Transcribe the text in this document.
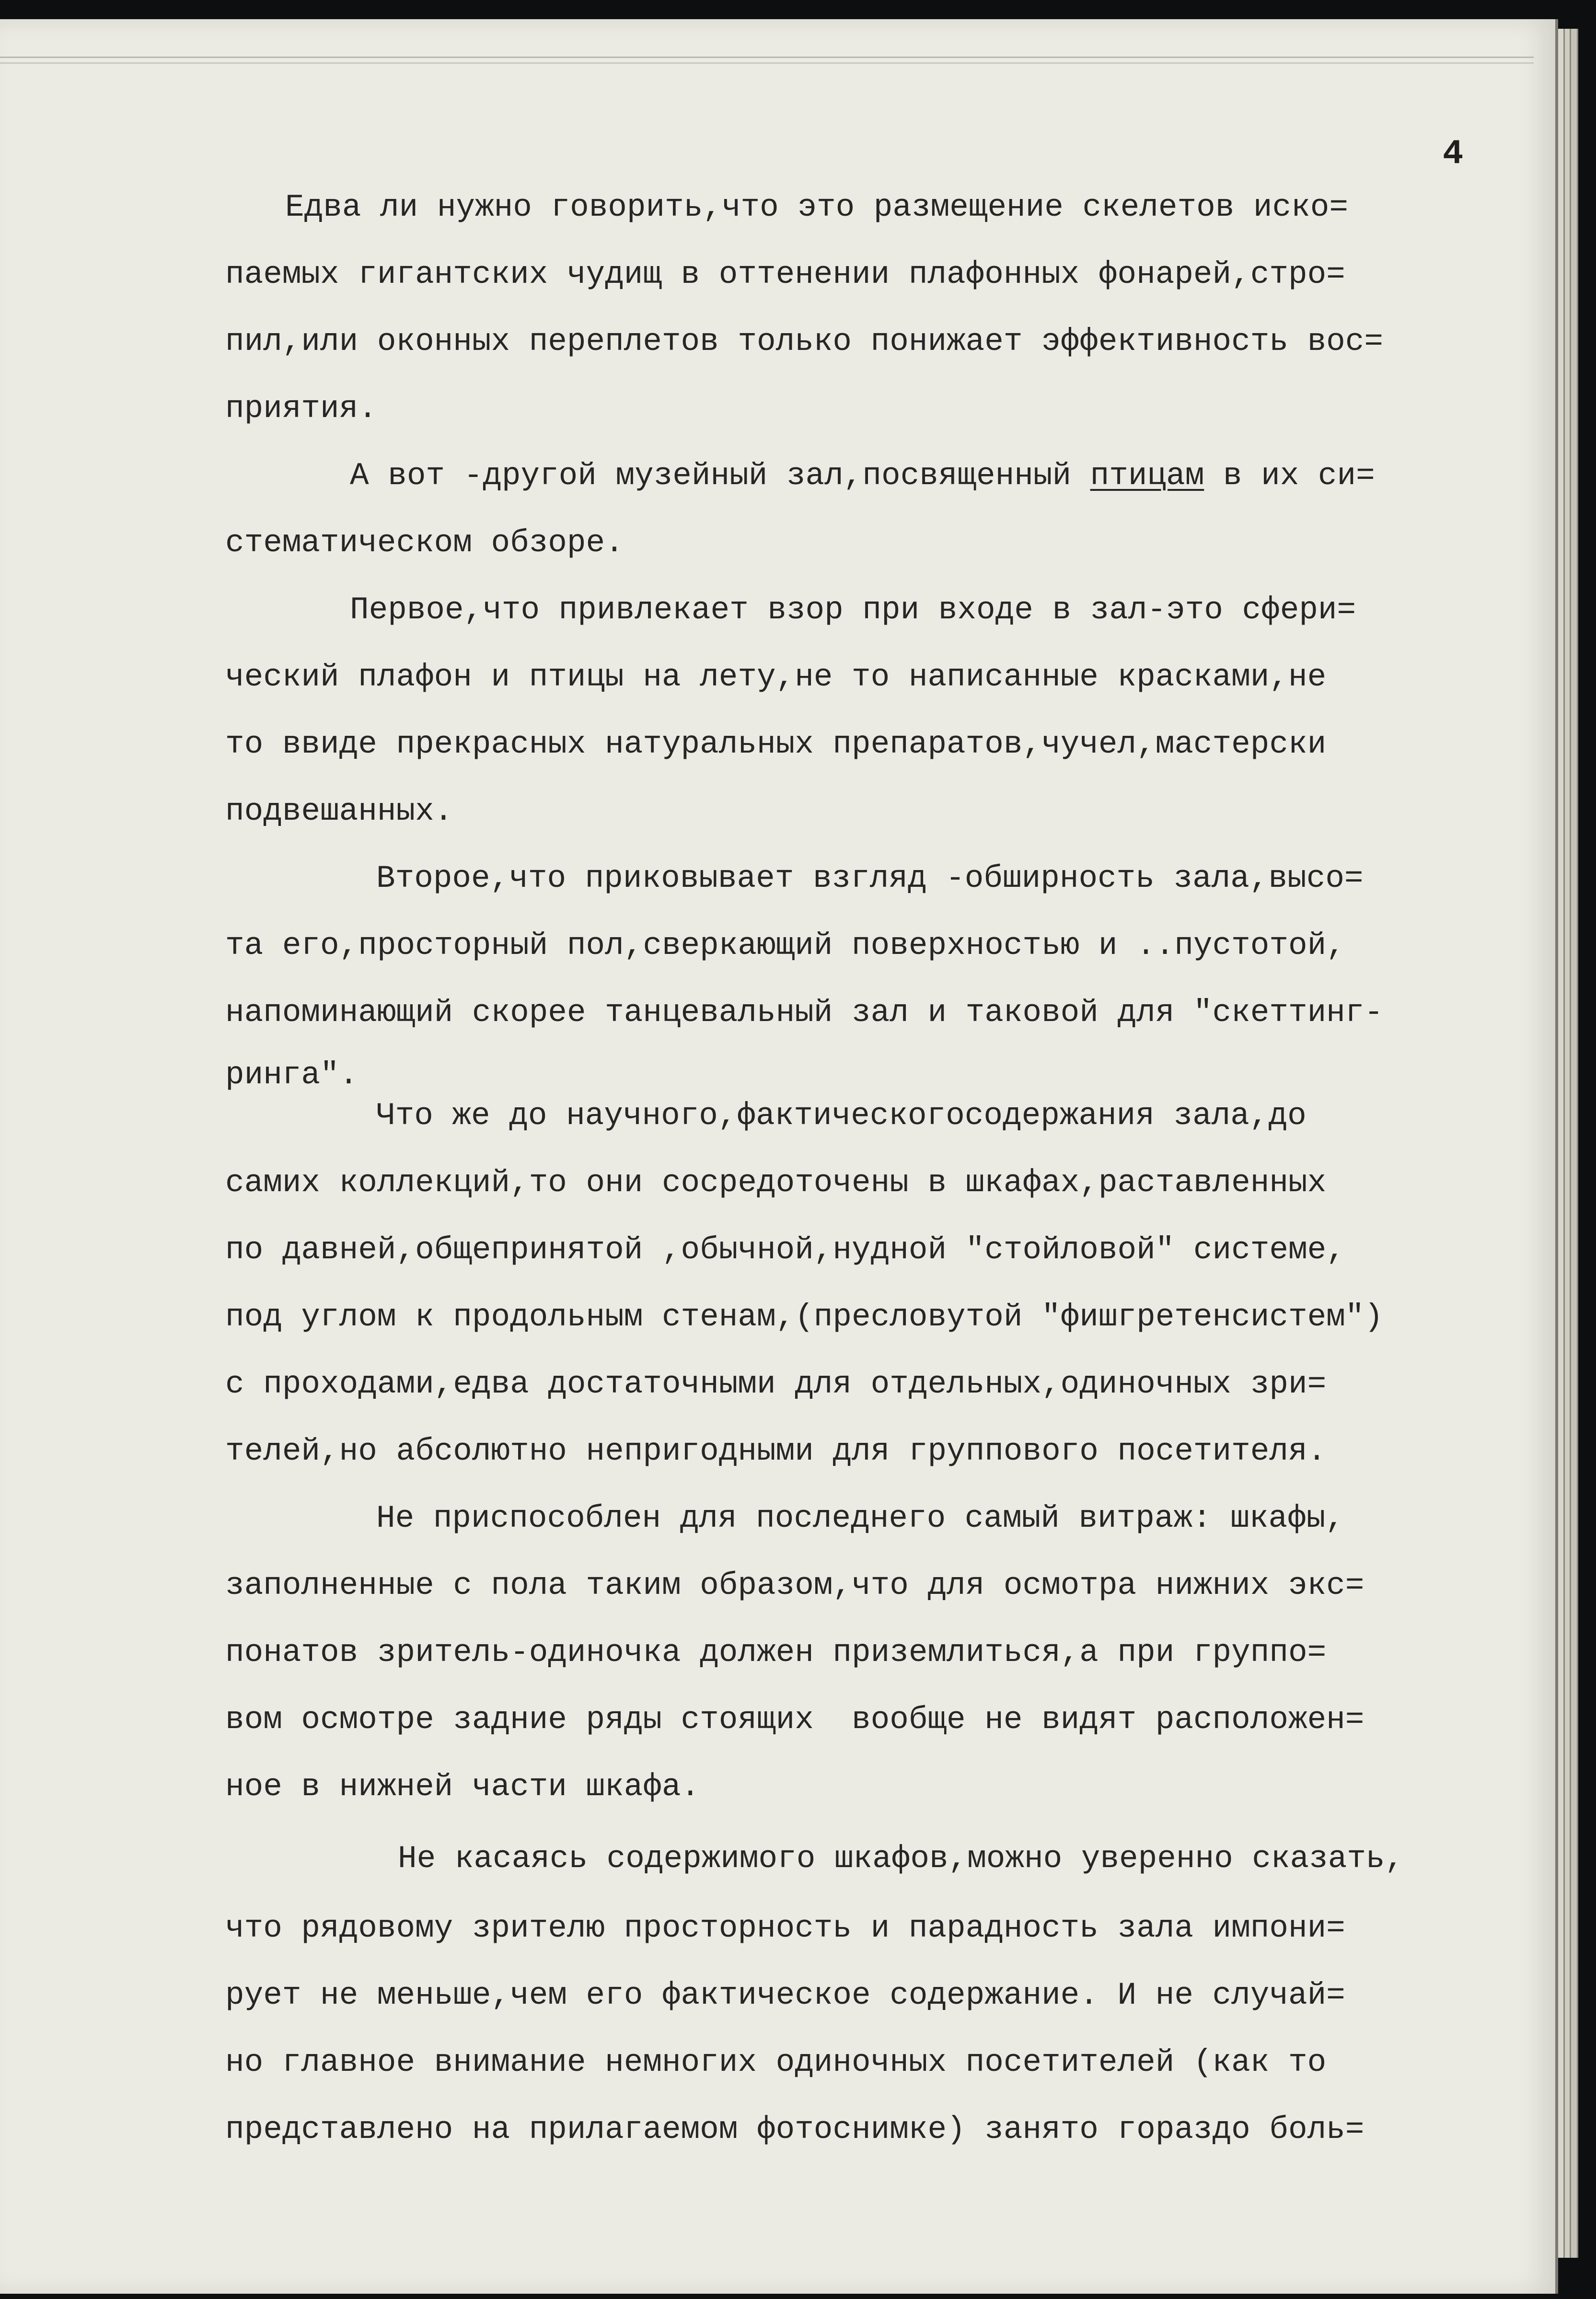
4
Едва ли нужно говорить,что это размещение скелетов иско=
паемых гигантских чудищ в оттенении плафонных фонарей,стро=
пил,или оконных переплетов только понижает эффективность вос=
приятия.
А вот -другой музейный зал,посвященный птицам в их си=
стематическом обзоре.
Первое,что привлекает взор при входе в зал-это сфери=
ческий плафон и птицы на лету,не то написанные красками,не
то ввиде прекрасных натуральных препаратов,чучел,мастерски
подвешанных.
Второе,что приковывает взгляд -обширность зала,высо=
та его,просторный пол,сверкающий поверхностью и ..пустотой,
напоминающий скорее танцевальный зал и таковой для "скеттинг-
ринга".
Что же до научного,фактическогосодержания зала,до
самих коллекций,то они сосредоточены в шкафах,раставленных
по давней,общепринятой ,обычной,нудной "стойловой" системе,
под углом к продольным стенам,(пресловутой "фишгретенсистем")
с проходами,едва достаточными для отдельных,одиночных зри=
телей,но абсолютно непригодными для группового посетителя.
Не приспособлен для последнего самый витраж: шкафы,
заполненные с пола таким образом,что для осмотра нижних экс=
понатов зритель-одиночка должен приземлиться,а при группо=
вом осмотре задние ряды стоящих  вообще не видят расположен=
ное в нижней части шкафа.
Не касаясь содержимого шкафов,можно уверенно сказать,
что рядовому зрителю просторность и парадность зала импони=
рует не меньше,чем его фактическое содержание. И не случай=
но главное внимание немногих одиночных посетителей (как то
представлено на прилагаемом фотоснимке) занято гораздо боль=
